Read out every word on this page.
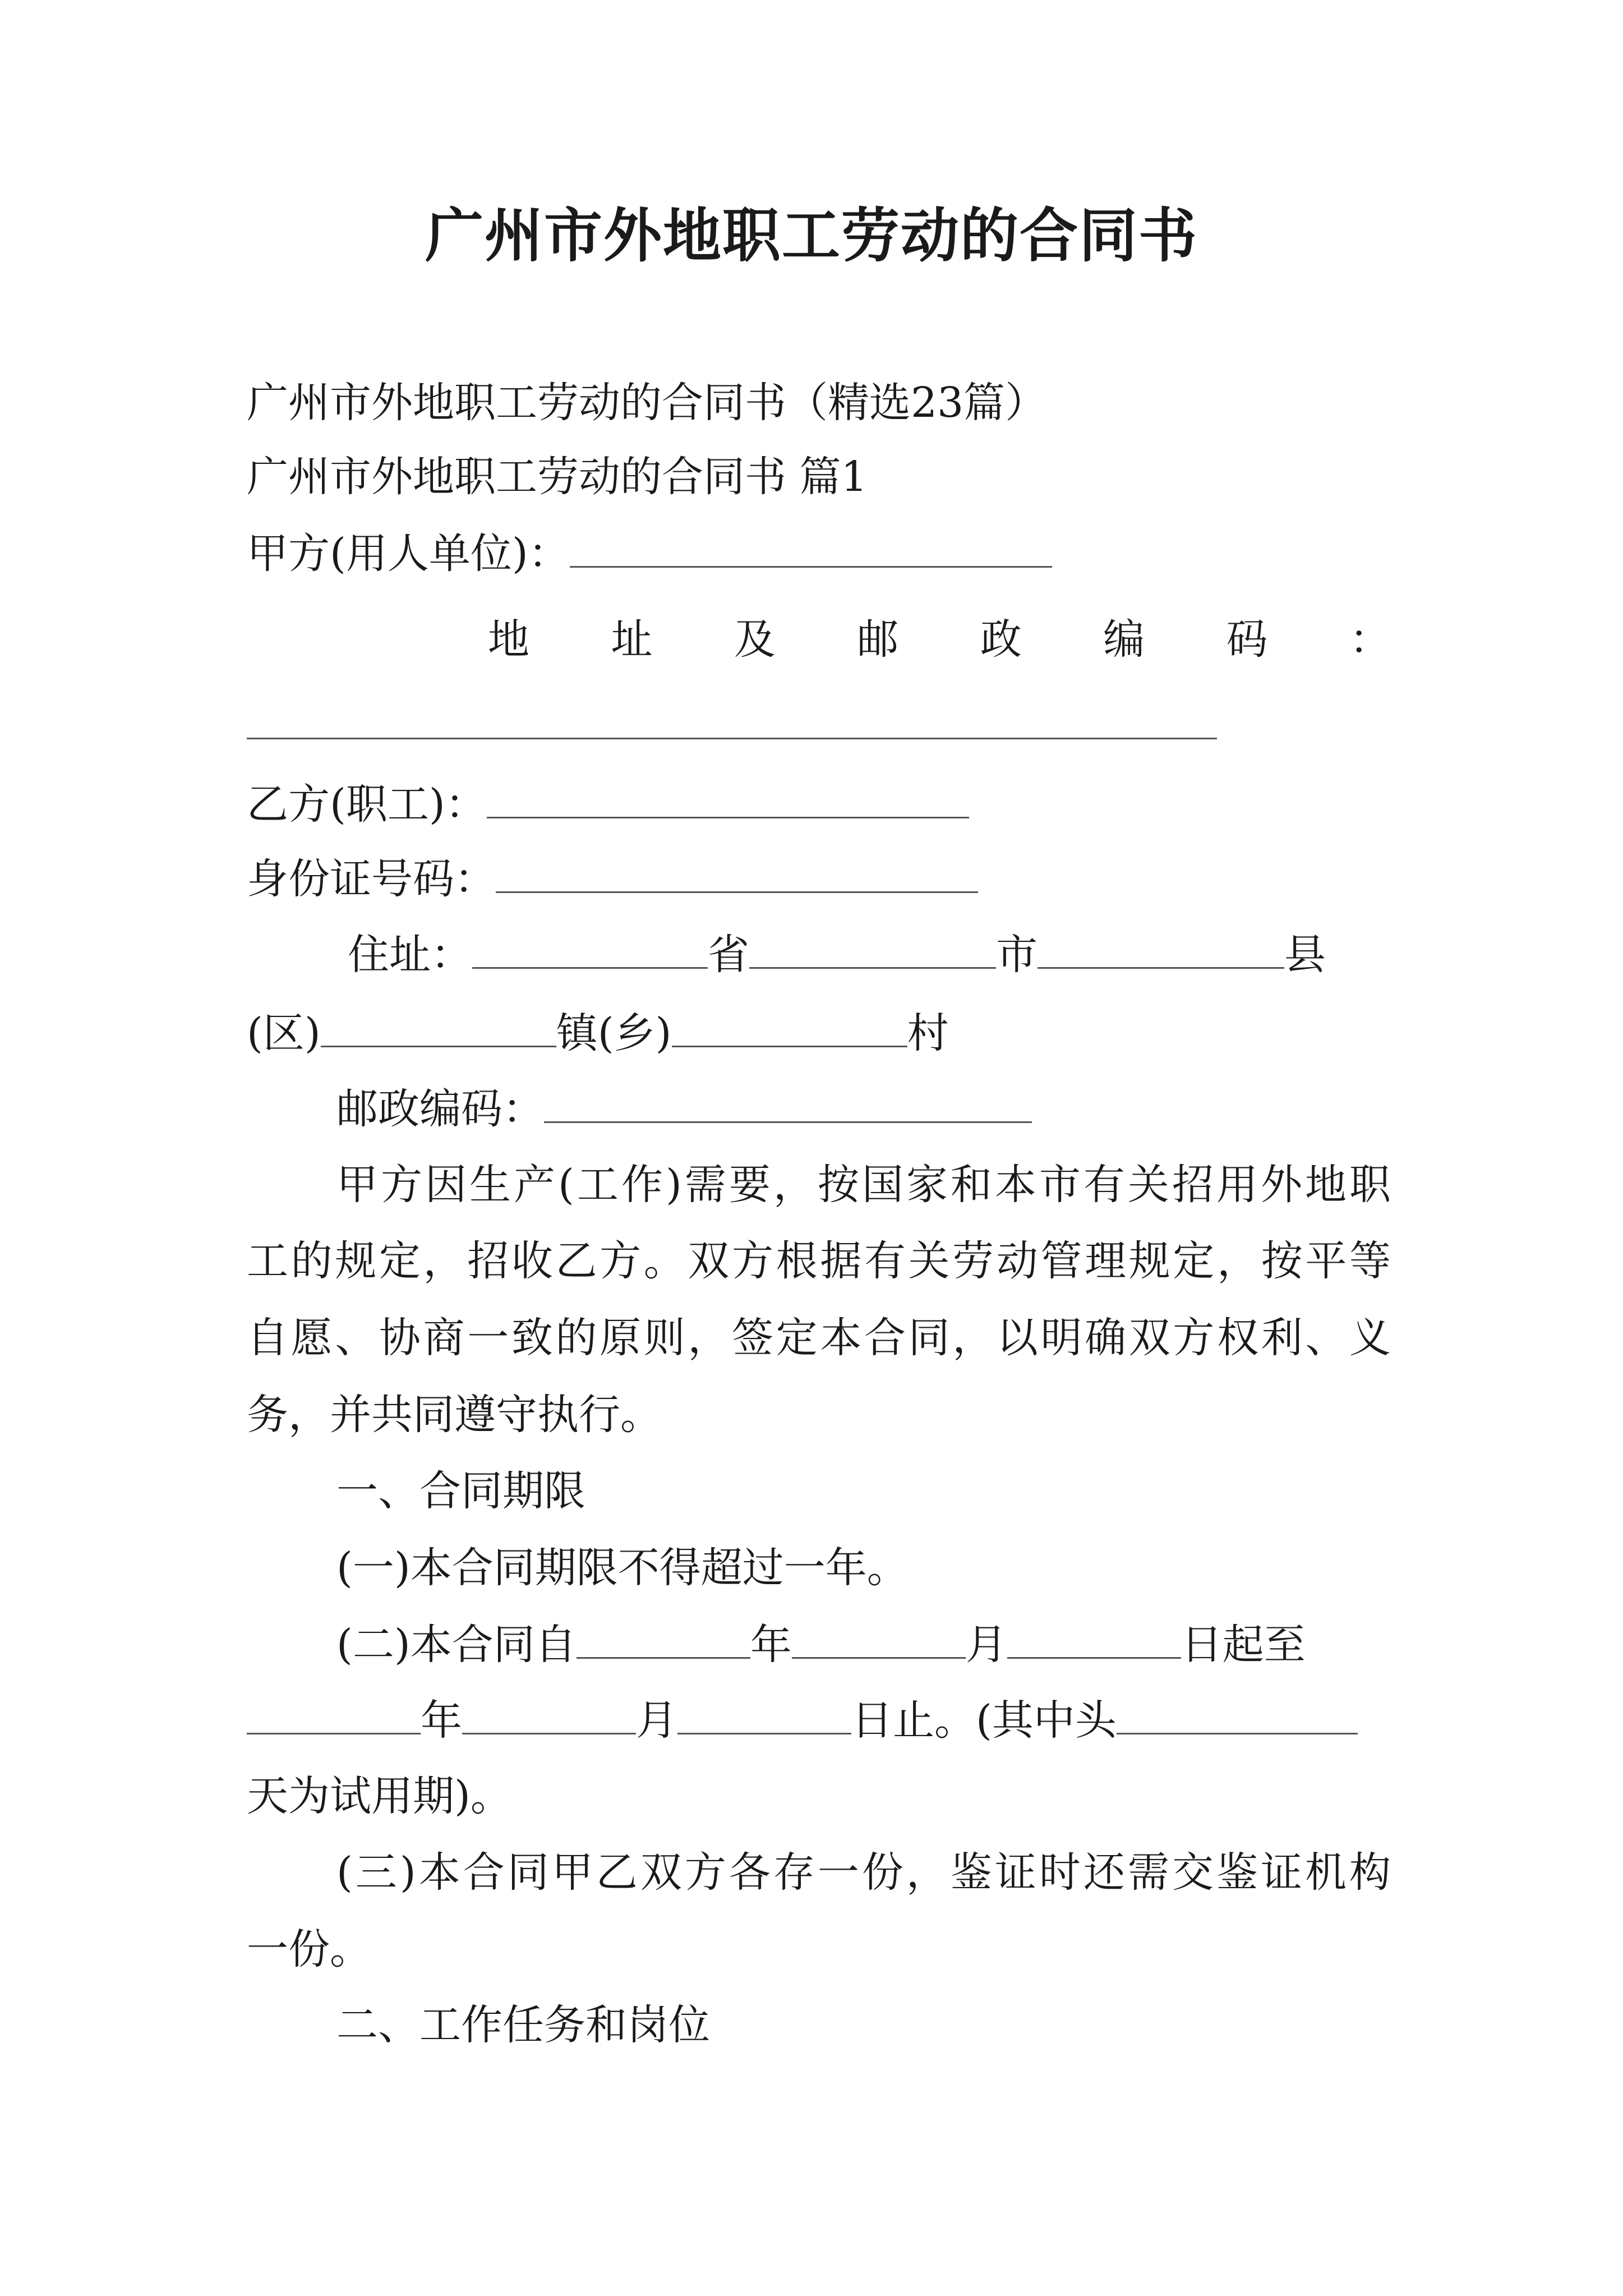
广州市外地职工劳动的合同书
广州市外地职工劳动的合同书（精选23篇）
广州市外地职工劳动的合同书 篇1
甲方(用人单位)：
地 址 及 邮 政 编 码 ：
乙方(职工)：
身份证号码：
住址：	省	市	县
(区)	镇(乡)	村
邮政编码：
甲方因生产(工作)需要，按国家和本市有关招用外地职
工的规定，招收乙方。双方根据有关劳动管理规定，按平等
自愿、协商一致的原则，签定本合同，以明确双方权利、义
务，并共同遵守执行。
一、合同期限
(一)本合同期限不得超过一年。
(二)本合同自	年	月	日起至
年	月	日止。(其中头
天为试用期)。
(三)本合同甲乙双方各存一份，鉴证时还需交鉴证机构
一份。
二、工作任务和岗位
